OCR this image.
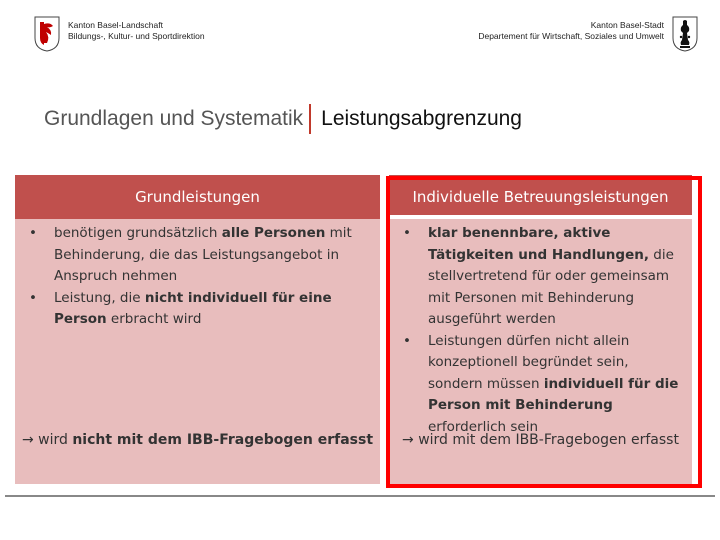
Kanton Basel-Landschaft
Bildungs-, Kultur- und Sportdirektion
Kanton Basel-Stadt
Departement für Wirtschaft, Soziales und Umwelt
Grundlagen und Systematik Leistungsabgrenzung
Grundleistungen
• benötigen grundsätzlich alle Personen mit Behinderung, die das Leistungsangebot in Anspruch nehmen
• Leistung, die nicht individuell für eine Person erbracht wird
→ wird nicht mit dem IBB-Fragebogen erfasst
Individuelle Betreuungsleistungen
• klar benennbare, aktive Tätigkeiten und Handlungen, die stellvertretend für oder gemeinsam mit Personen mit Behinderung ausgeführt werden
• Leistungen dürfen nicht allein konzeptionell begründet sein, sondern müssen individuell für die Person mit Behinderung erforderlich sein
→ wird mit dem IBB-Fragebogen erfasst
